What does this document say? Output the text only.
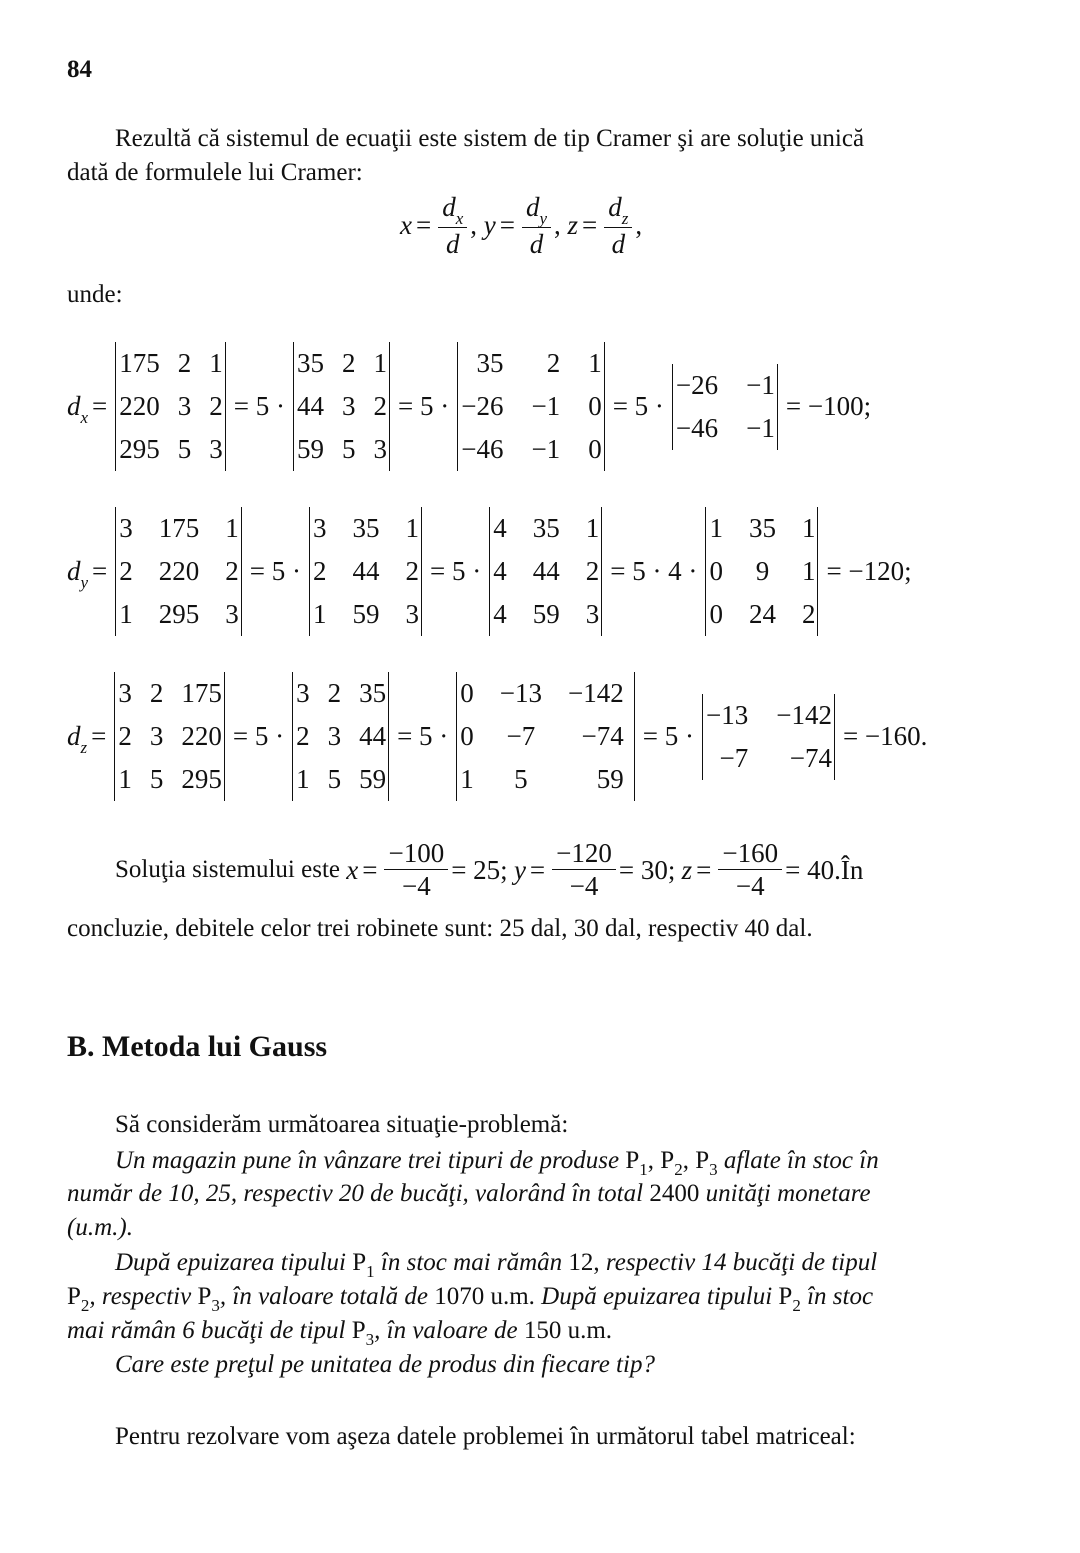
84
Rezultă că sistemul de ecuaţii este sistem de tip Cramer şi are soluţie unică
dată de formulele lui Cramer:
$x = \frac{d_x}{d}$ , $y = \frac{d_y}{d}$ , $z = \frac{d_z}{d}$ ,
unde:
$d_x$ =
175 2 1
220 3 2
295 5 3
= 5 ·
35 2 1
44 3 2
59 5 3
= 5 ·
35	2 1
−26 −1 0
−46 −1 0
= 5 ·
−26 −1
−46 −1
= −100;
$d_y$ =
3 175 1
2 220 2
1 295 3
= 5 ·
3 35 1
2 44 2
1 59 3
= 5 ·
4 35 1
4 44 2
4 59 3
= 5 · 4 ·
1 35 1
0 9 1
0 24 2
= −120;
$d_z$ =
3 2 175
2 3 220
1 5 295
= 5 ·
3 2 35
2 3 44
1 5 59
= 5 ·
0 −13 −142
0 −7	−74
1	5	59
= 5 ·
−13 −142
−7	−74
= −160.
Soluţia sistemului este
$x = \frac{-100}{-4} = 25$;
$y = \frac{-120}{-4} = 30$;
$z = \frac{-160}{-4} = 40$. În
concluzie, debitele celor trei robinete sunt: 25 dal, 30 dal, respectiv 40 dal.
B. Metoda lui Gauss
Să considerăm următoarea situaţie-problemă:
Un magazin pune în vânzare trei tipuri de produse $P_1$, $P_2$, $P_3$ aflate în stoc în
număr de 10, 25, respectiv 20 de bucăţi, valorând în total 2400 unităţi monetare
(u.m.).
După epuizarea tipului $P_1$ în stoc mai rămân 12, respectiv 14 bucăţi de tipul
$P_2$, respectiv $P_3$, în valoare totală de 1070 u.m. După epuizarea tipului $P_2$ în stoc
mai rămân 6 bucăţi de tipul $P_3$, în valoare de 150 u.m.
Care este preţul pe unitatea de produs din fiecare tip?
Pentru rezolvare vom aşeza datele problemei în următorul tabel matriceal:
